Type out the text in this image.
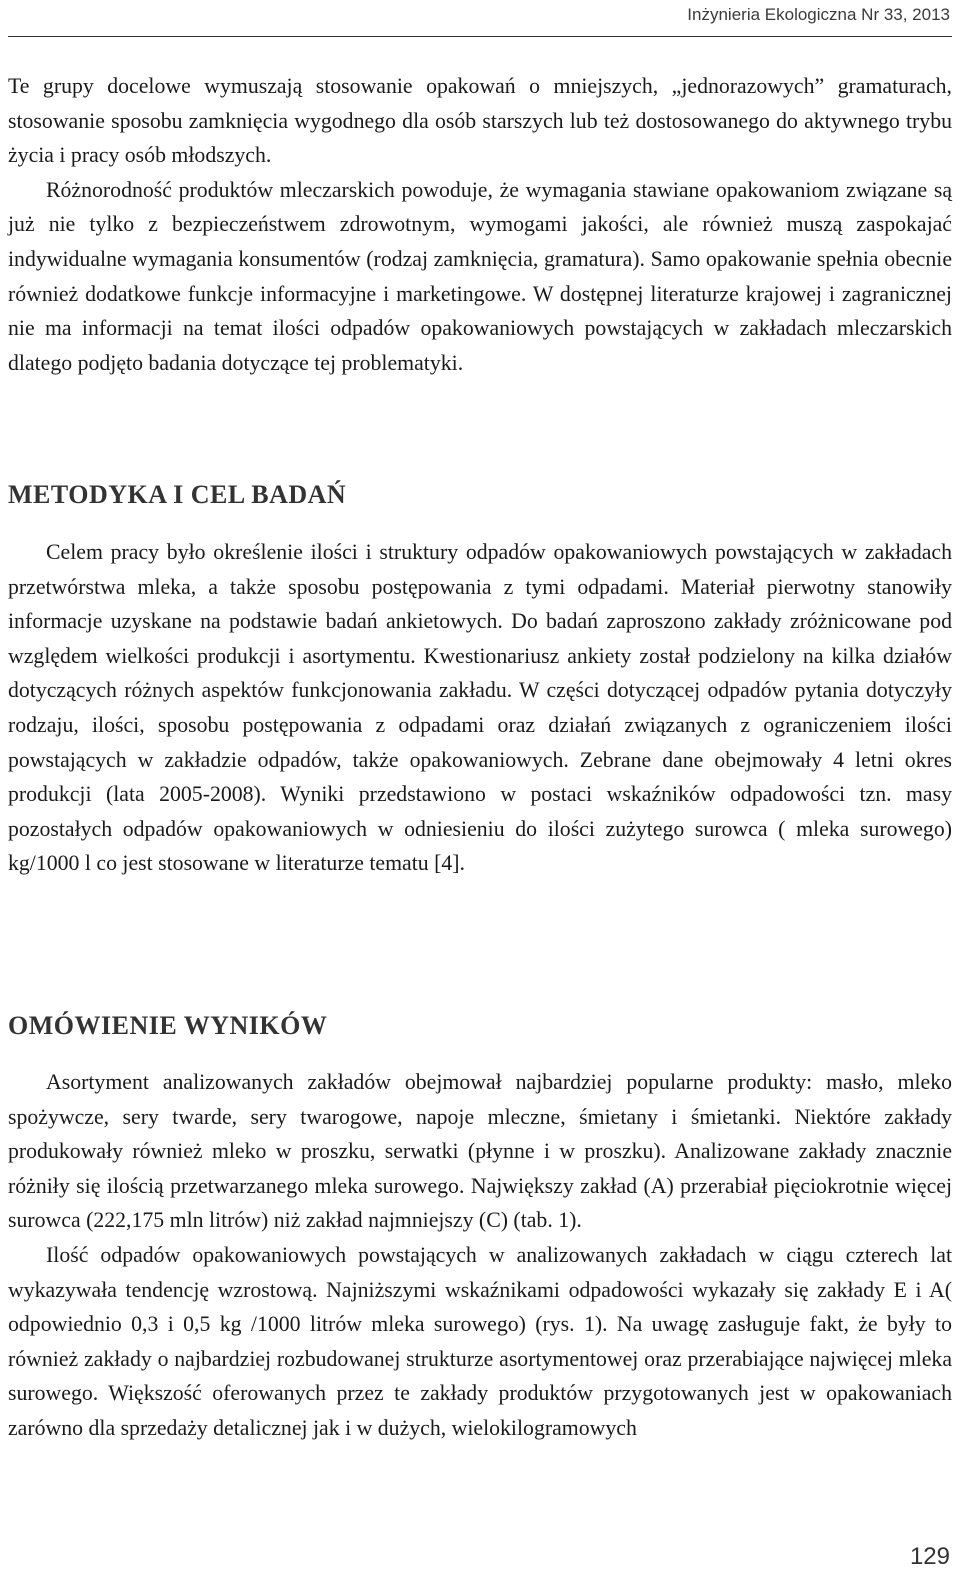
Inżynieria Ekologiczna Nr 33, 2013

Te grupy docelowe wymuszają stosowanie opakowań o mniejszych, „jednorazowych” gramaturach, stosowanie sposobu zamknięcia wygodnego dla osób starszych lub też dostosowanego do aktywnego trybu życia i pracy osób młodszych.

Różnorodność produktów mleczarskich powoduje, że wymagania stawiane opakowaniom związane są już nie tylko z bezpieczeństwem zdrowotnym, wymogami jakości, ale również muszą zaspokajać indywidualne wymagania konsumentów (rodzaj zamknięcia, gramatura). Samo opakowanie spełnia obecnie również dodatkowe funkcje informacyjne i marketingowe. W dostępnej literaturze krajowej i zagranicznej nie ma informacji na temat ilości odpadów opakowaniowych powstających w zakładach mleczarskich dlatego podjęto badania dotyczące tej problematyki.

METODYKA I CEL BADAŃ

Celem pracy było określenie ilości i struktury odpadów opakowaniowych powstających w zakładach przetwórstwa mleka, a także sposobu postępowania z tymi odpadami. Materiał pierwotny stanowiły informacje uzyskane na podstawie badań ankietowych. Do badań zaproszono zakłady zróżnicowane pod względem wielkości produkcji i asortymentu. Kwestionariusz ankiety został podzielony na kilka działów dotyczących różnych aspektów funkcjonowania zakładu. W części dotyczącej odpadów pytania dotyczyły rodzaju, ilości, sposobu postępowania z odpadami oraz działań związanych z ograniczeniem ilości powstających w zakładzie odpadów, także opakowaniowych. Zebrane dane obejmowały 4 letni okres produkcji (lata 2005-2008). Wyniki przedstawiono w postaci wskaźników odpadowości tzn. masy pozostałych odpadów opakowaniowych w odniesieniu do ilości zużytego surowca ( mleka surowego) kg/1000 l co jest stosowane w literaturze tematu [4].

OMÓWIENIE WYNIKÓW

Asortyment analizowanych zakładów obejmował najbardziej popularne produkty: masło, mleko spożywcze, sery twarde, sery twarogowe, napoje mleczne, śmietany i śmietanki. Niektóre zakłady produkowały również mleko w proszku, serwatki (płynne i w proszku). Analizowane zakłady znacznie różniły się ilością przetwarzanego mleka surowego. Największy zakład (A) przerabiał pięciokrotnie więcej surowca (222,175 mln litrów) niż zakład najmniejszy (C) (tab. 1).

Ilość odpadów opakowaniowych powstających w analizowanych zakładach w ciągu czterech lat wykazywała tendencję wzrostową. Najniższymi wskaźnikami odpadowości wykazały się zakłady E i A( odpowiednio 0,3 i 0,5 kg /1000 litrów mleka surowego) (rys. 1). Na uwagę zasługuje fakt, że były to również zakłady o najbardziej rozbudowanej strukturze asortymentowej oraz przerabiające najwięcej mleka surowego. Większość oferowanych przez te zakłady produktów przygotowanych jest w opakowaniach zarówno dla sprzedaży detalicznej jak i w dużych, wielokilogramowych

129
